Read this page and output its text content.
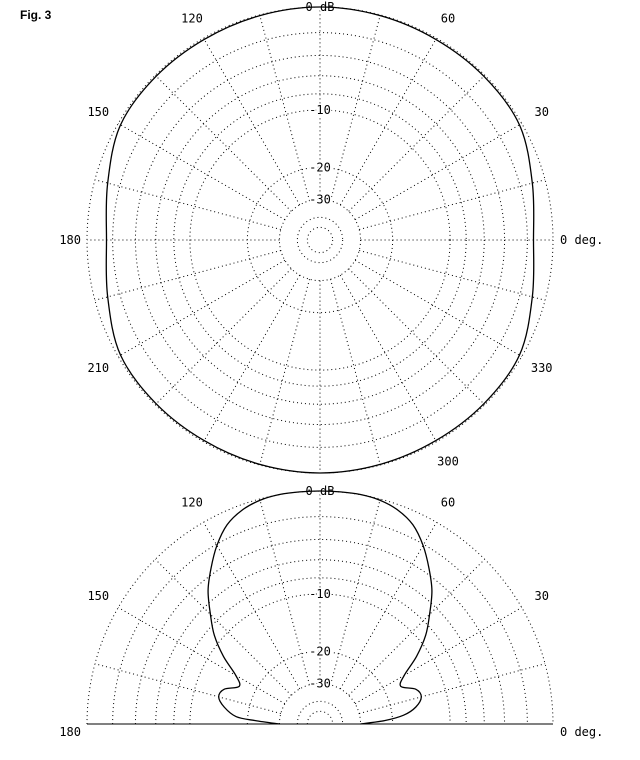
Fig. 3
0 dB
-10
-20
-30
0 deg.
30
60
120
150
180
210
300
330
0 dB
-10
-20
-30
0 deg.
30
60
120
150
180
